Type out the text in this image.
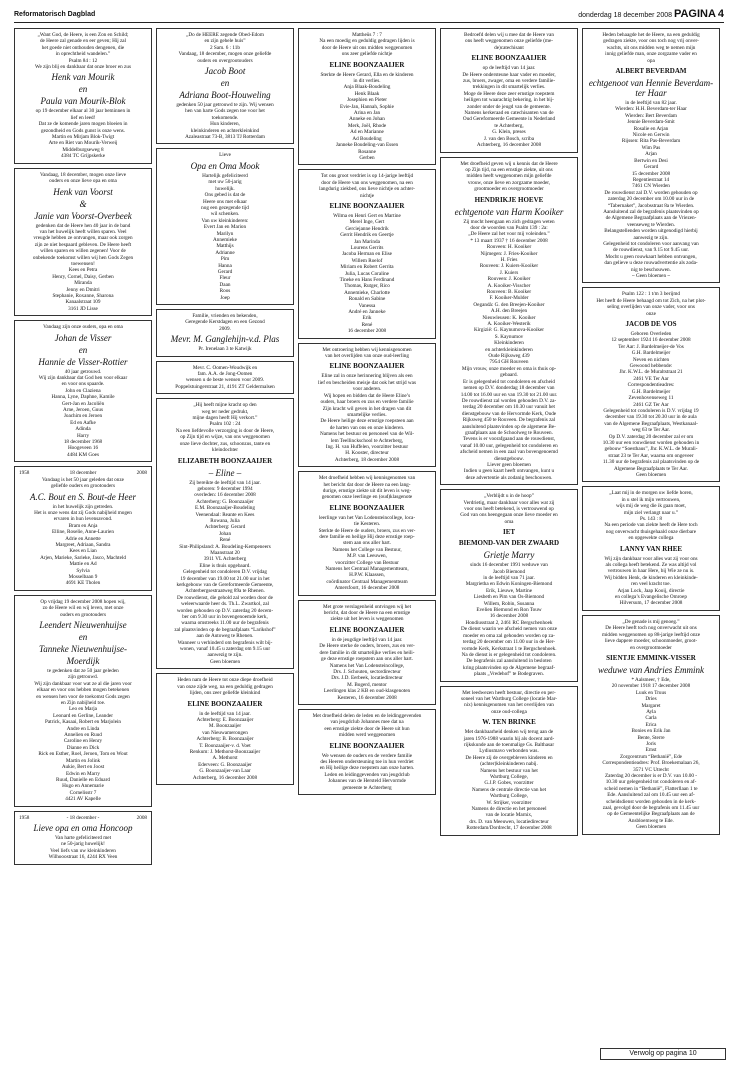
Reformatorisch Dagblad	donderdag 18 december 2008 PAGINA 4
„Want God, de Heere, is een Zon en Schild;
de Heere zal genade en eer geven; Hij zal
het goede niet onthouden dengenen, die
in oprechtheid wandelen.”
Psalm 84 : 12
We zijn blij en dankbaar dat onze broer en zus
Henk van Mourik
en
Paula van Mourik-Blok
op 19 december elkaar al 30 jaar beminnen in
lief en leed!
Dat ze de komende jaren mogen bloeien in
gezondheid en Gods gunst is onze wens.
Martin en Mirjam Blok-Twigt
Arte en Riet van Mourik-Verweij
Middelburgseweg 8
4384 TC Grijpskerke
Vandaag, 18 december, mogen onze lieve
ouders en onze lieve opa en oma
Henk van Voorst
&
Janie van Voorst-Overbeek
gedenken dat de Heere hen 40 jaar in de band
van het huwelijk heeft willen sparen. Veel
vreugde hebben ze ontvangen, maar ook zorgen
zijn ze niet bespaard gebleven. De Heere heeft
willen sparen en willen zegenen! Voor de
onbekende toekomst willen wij hen Gods Zegen
toewensen!
Kees en Petra
Henry, Cornel, Daisy, Gerben
Miranda
Jenny en Dmitri
Stephanie, Roxanne, Sharona
Kanaalstraat 109
3161 JD Lisse
Vandaag zijn onze ouders, opa en oma
Johan de Visser
en
Hannie de Visser-Rottier
40 jaar getrouwd.
Wij zijn dankbaar dat God hen voor elkaar
en voor ons spaarde.
John en Claziena
Hanna, Lyne, Daphne, Kamile
Gert-Jan en Jacoliën
Arne, Jeroen, Guus
Joachim en Jeroen
Ed en Aafke
Adinda
Harry
18 december 1968
Hoogeveen 16
4484 KM Goes
1958	2008
18 december
Vandaag is het 50 jaar geleden dat onze
geliefde ouders en grootouders
A.C. Bout en S. Bout-de Heer
in het huwelijk zijn getreden.
Het is onze wens dat zij Gods nabijheid mogen
ervaren in hun levensavond.
Bram en Anja
Elline, Roselie, Anne-Laurien
Adrie en Annette
Margreet, Adriaan, Sandra
Kees en Lian
Arjen, Marieke, Sarieke, Jasco, Machteld
Mattie en Ad
Sylvia
Mosselbaan 9
4691 KE Tholen
Op vrijdag 19 december 2008 hopen wij,
zo de Heere wil en wij leven, met onze
ouders en grootouders
Leendert Nieuwenhuijse
en
Tanneke Nieuwenhuijse-
Moerdijk
te gedenken dat ze 50 jaar geleden
zijn getrouwd.
Wij zijn dankbaar voor wat ze al die jaren voor
elkaar en voor ons hebben mogen betekenen
en wensen hen voor de toekomst Gods zegen
en Zijn nabijheid toe.
Leo en Marja
Leonard en Gerline, Leander
Patrick, Kasaai, Robert en Marjolein
Andre en Linda
Annelien en Ruud
Caroline en Henry
Dianne en Dick
Rick en Esther, Roel, Jeroen, Tom en Wout
Martin en Jolink
Aukie, Bert en Joost
Edwin en Marry
Ruud, Danielle en Eduard
Hugo en Annemarie
Cornelisstr 7
4421 AV Kapelle
1958	2008
- 18 december -
Lieve opa en oma Honcoop
Van harte gefeliciteerd met
ne 50-jarig huwelijk!
Veel liefs van uw kleinkinderen
Wilhooostraat 16, 4244 RX Veen
„Do de HEERE zegende Obed-Edom
en zijn gehele huis”
2 Sam. 6 : 11b
Vandaag, 18 december, mogen onze geliefde
ouders en overgrootouders
Jacob Boot
en
Adriana Boot-Houweling
gedenken 50 jaar getrouwd te zijn. Wij wensen
hen van harte Gods zegen toe voor het
toekomende.
Hun kinderen,
kleinkinderen en achterkleinkind
Azaleastraat 73-B, 3813 TJ Rotterdam
Lieve
Opa en Oma Mook
Hartelijk gefeliciteerd
met uw 50-jarig
huwelijk.
Ons gebed is dat de
Heere ons met elkaar
nog een gezegende tijd
wil schenken.
Van uw kleinkinderen:
Evert Jan en Marion
Marilyn
Annemieke
Matthijs
Adrianne
Pim
Hanna
Gerard
Fleur
Daan
Roos
Joep
Familie, vrienden en bekenden,
Geregende Kerstdagen en een Gezond
2009.
Mevr. M. Ganglehijn-v.d. Plas
Pr. Irenelaan 3 te Katwijk
Mevr. C. Oomen-Woudwijk en
fam. A.A. de Jong-Oomen
wensen u de beste wensen voor 2009.
Poppelstuingerstraat 21, 4191 ZT Geldermalsen
„Hij heeft mijne kracht op den
weg ter neder gedrukt,
mijne dagen heeft Hij verkort.”
Psalm 102 : 24
Na een liefdevolle verzorging is door de Heere,
op Zijn tijd en wijze, van ons weggenomen
onze lieve dochter, zus, schoonzus, tante en
kleindochter
ELIZABETH BOONZAAIJER
– Eline –
Zij bereikte de leeftijd van 14 jaar.
geboren: 9 december 1994
overleden: 16 december 2008
Achterberg: G. Boonzaaijer
E.M. Boonzaaijer-Boudeling
Veenendaal: Reante en Kees
Rowana, Julia
Achterberg: Gerard
Johan
René
Sint-Philipsland: A. Boudeling-Kempeneers
Maanstraat 20
3911 VL Achterberg
Eline is thuis opgebaard.
Gelegenheid tot condoleren D.V. vrijdag
19 december van 19.00 tot 21.00 uur in het
kerkgebouw van de Gereformeerde Gemeente,
Achterbergsestraatweg 89a te Rhenen.
De rouwdienst, die gehold zal worden door de
weleerwaarde heer ds. Th.L. Zwartkol, zal
worden gehouden op D.V. zaterdag 20 decem-
ber om 9.30 uur in bovengenoemde kerk,
waarna omstreeks 11.00 uur de begrafenis
zal plaatsvinden op de begraafplaats “Larikshof”
aan de Autoweg te Rhenen.
Wanneer u verhinderd om begrafenis wilt bij-
wonen, vanaf 10.45 u zaterdag om 9.15 uur
aanwezig te zijn.
Geen bloemen
Heden nam de Heere tot onze diepe droefheid
van onze zijde weg, na een geduldig gedragen
lijden, ons zeer geliefde kleinkind
ELINE BOONZAAIJER
in de leeftijd van 14 jaar.
Achterberg: E. Boonzaaijer
M. Boonzaaijer
van Nieuwamerongen
Achterberg: B. Boonzaaijer
T. Boonzaaijer-v. d. Voet
Renkum: J. Methorst-Boonzaaijer
A. Methorst
Ederveen: G. Boonzaaijer
G. Boonzaaijer-van Laar
Achterberg, 16 december 2008
Mattheüs 7 : 7
Na een moedig en geduldig gedragen lijden is
door de Heere uit ons midden weggenomen
ons zeer geliefde nichtje
ELINE BOONZAAIJER
Sterkte de Heere Gerard, Ella en de kinderen
in dit verlies.
Anja Blaak-Boudeling
Henk Blaak
Josephien en Pieter
Evie-Jan, Hannah, Sophie
Arina en Jan
Anneke en Johan
Merk, Joël, Rhode
Ad en Marianne
Ad Boudeling
Janneke Boudeling-van Essen
Rosanne
Gerben
Tot ons groot verdriet is op 14-jarige leeftijd
door de Heere van ons weggenomen, na een
langdurig ziekbed, ons lieve nichtje en achter-
nichtje
ELINE BOONZAAIJER
Wilma en Henri Gert en Martine
Merel Inge, Gert
Gerciejanne Hendrik
Gerrit Hendrik en Geertje
Jan Marinda
Lourens Gerrits
Jacoba Herman en Elise
Willem Roelof
Miriam en Robert Gerrita
Julia, Lucas Coraline
Tineke en Hans Ferdinand
Thomas, Rutger, Rico
Annemieke, Charlotte
Ronald en Sabine
Vanessa
André en Janneke
Erik
René
16 december 2008
Met ontroering hebben wij kennisgenomen
van het overlijden van onze oud-leerling
ELINE BOONZAAIJER
Eline zal in onze herinnering blijven als een
lief en bescheiden meisje dat ook het strijd was
voor anderen.
Wij hopen en bidden dat de Heere Eline’s
ouders, haar broers en zus en verdere familie
Zijn kracht wil geven in het dragen van dit
smartelijke verlies.
De Heere heilige deze ernstige roepsteen aan
de harten van ons en onze kinderen.
Namens het bestuur en personeel van de Wil-
lem Teellinckschool te Achterberg,
Ing. H. van Huffelen, voorzitter bestuur
H. Kooster, directeur
Achterberg, 18 december 2008
Met droefheid hebben wij kennisgenomen van
het bericht dat door de Heere na een lang-
durige, ernstige ziekte uit dit leven is weg-
genomen onze leerlinge en (oud)klasgenote
ELINE BOONZAAIJER
leerlinge van het Van Lodensteincollege, loca-
tie Kesteren.
Sterkte de Heere de ouders, broers, zus en ver-
dere familie en heilige Hij deze ernstige roep-
stem aan ons aller hart.
Namens het College van Bestuur,
M.P. van Leeuwen,
voorzitter College van Bestuur
Namens het Centraal Managementteam,
H.P.W. Klaassen,
coördinator Centraal Managementteam
Amersfoort, 16 december 2008
Met grote verslagenheid ontvingen wij het
bericht, dat door de Heere na een ernstige
ziekte uit het leven is weggenomen
ELINE BOONZAAIJER
in de jeugdige leeftijd van 14 jaar.
De Heere sterke de ouders, broers, zus en ver-
dere familie in dit smartelijke verlies en heili-
ge deze ernstige roepstem aan ons aller hart.
Namens het Van Lodensteincollege,
Drs. J. Schouten, sectordirecteur
Drs. J.D. Eerbeek, locatiedirecteur
M. Bogerd, mentor
Leerlingen klas 2 KB en oud-klasgenoten
Kesteren, 16 december 2008
Met droefheid delen de leden en de leidinggevenden
van jeugdclub Johannes mee dat na
een ernstige ziekte door de Heere uit hun
midden werd weggenomen
ELINE BOONZAAIJER
We wensen de ouders en de verdere familie
des Heeren ondersteuning toe in hun verdriet
en Hij heilige deze roepstem aan onze harten.
Leden en leidinggevenden van jeugdclub
Johannes van de Hersteld Hervormde
gemeente te Achterberg
Bedroefd delen wij u mee dat de Heere van
ons heeft weggenomen onze geliefde (me-
de)catechisant
ELINE BOONZAAIJER
op de leeftijd van 14 jaar.
De Heere ondersteune haar vader en moeder,
zus, broers, zwager, oma en verdere familie-
trekkingen in dit smartelijk verlies.
Moge de Heere deze zeer ernstige roepstem
heiligen tot waarachtig bekering, in het bij-
zonder onder de jeugd van de gemeente.
Namens kerkeraad en catechisanten van de
Oud Gereformeerde Gemeente in Nederland
te Achterberg,
G. Klein, preses
J. van den Bosch, scriba
Achterberg, 16 december 2008
Met droefheid geven wij u kennis dat de Heere
op Zijn tijd, na een ernstige ziekte, uit ons
midden heeft weggenomen mijn geliefde
vrouw, onze lieve en zorgzame moeder,
grootmoeder en overgrootmoeder
HENDRIKJE HOEVE
echtgenote van Harm Kooiker
Zij mocht heengaan en zich gedragen weten
door de woorden van Psalm 139 : 2a:
„De Heere zal het voor mij voleinden.”
* 13 maart 1937 † 16 december 2008
Rouveen: H. Kooiker
Nijmegen: J. Fries-Kooiker
H. Fries
Rouveen: J. Kuiers-Kooiker
J. Kuiers
Rouveen: J. Kooiker
A. Kooiker-Visscher
Rouveen: B. Kooiker
F. Kooiker-Mulder
Oegandà: G. den Breejen-Kooiker
A.H. den Breejen
Nieuwleusen: K. Kooiker
A. Kooiker-Westerik
Kirgizië: G. Kaynumova-Kooiker
S. Kaynumov
Kleinkinderen
en achterkleinkinderen
Oude Rijksweg 439
7954 GH Rouveen
Mijn vrouw, onze moeder en oma is thuis op-
gebaard.
Er is gelegenheid tot condoleren en afscheid
nemen op D.V. donderdag 18 december van
14.00 tot 16.00 uur en van 19.30 tot 21.00 uur.
De rouwdienst zal worden gehouden D.V. za-
terdag 20 december om 10.30 uur vanuit het
dienstgebouw van de Hervormde Kerk, Oude
Rijksweg 450 te Rouveen. De begrafenis zal
aansluitend plaatsvinden op de algemene Be-
graafplaats aan de Schoolweg te Rouveen.
Tevens is er voorafgaand aan de rouwdienst,
vanaf 10.00 uur, gelegenheid tot condoleren en
afscheid nemen in een zaal van bovengenoemd
dienstgebouw.
Liever geen bloemen
Indien u geen kaart heeft ontvangen, kunt u
deze advertentie als zodanig beschouwen.
„Verblijdt u in de hoop”
Verdrietig, maar dankbaar voor alles wat zij
voor ons heeft betekend, is vertrouwend op
God van ons heengegaan onze lieve moeder en
oma
IET
BIEMOND-VAN DER ZWAARD
Grietje Marry
sinds 16 december 1991 weduwe van
Jacob Biemond
in de leeftijd van 71 jaar.
Margrietha en Edwin Koningen-Biemond
Erik, Lieuwe, Martine
Liesbeth en Pim van Os-Biemond
Willem, Robin, Susanna
Evelien Biemond en Ron Touw
16 december 2008
Hondiusstraat 2, 2461 RC Bergschenhoek
De dienst waarin we afscheid nemen van onze
moeder en oma zal gehouden worden op za-
terdag 20 december om 11.00 uur in de Her-
vormde Kerk, Kerkstraat 1 te Bergschenhoek.
Na de dienst is er gelegenheid tot condoleren.
De begrafenis zal aansluitend in besloten
kring plaatsvinden op de Algemene begraaf-
plaats „Vredehof” te Bodegraven.
Met leedwezen heeft bestuur, directie en per-
soneel van het Wartburg College (locatie Mar-
nix) kennisgenomen van het overlijden van
onze oud-collega
W. TEN BRINKE
Met dankbaarheid denken wij terug aan de
jaren 1976-1988 waarin hij als docent aard-
rijkskunde aan de toenmalige Gs. Balthasar
Lydiusmavo verbonden was.
De Heere zij de overgebleven kinderen en
(achter)kleinkinderen nabij.
Namens het bestuur van het
Wartburg College,
G.J.P. Gobes, voorzitter
Namens de centrale directie van het
Wartburg College,
W. Strijker, voorzitter
Namens de directie en het personeel
van de locatie Marnix,
drs. D. van Meeuwen, locatiedirecteur
Rotterdam/Dordrecht, 17 december 2008
Heden behaagde het de Heere, na een geduldig
gedragen ziekte, voor ons toch nog vrij onver-
wachts, uit ons midden weg te nemen mijn
innig geliefde man, onze zorgzame vader en
opa
ALBERT BEVERDAM
echtgenoot van Hennie Beverdam-ter Haar
in de leeftijd van 82 jaar.
Wierden: H.H. Beverdam-ter Haar
Wierden: Bert Beverdam
Jennie Beverdam-Smit
Rosalie en Arjan
Nicole en Gerwin
Rijssen: Rita Pas-Beverdam
Wim Pas
Arjan
Bertwin en Desi
Gerard
15 december 2008
Regentiestraat 14
7461 CN Wierden
De rouwdienst zal D.V. worden gehouden op
zaterdag 20 december om 10.00 uur in de
“Tabernaket”, Jacobsstraat 8a te Wierden.
Aansluitend zal de begrafenis plaatsvinden op
de Algemene Begraafplaats aan de Vriezen-
veenseweg te Wierden.
Belangstellenden worden uitgenodigd hierbij
aanwezig te zijn.
Gelegenheid tot condoleren voor aanvang van
de rouwdienst, van 9.15 tot 9.45 uur.
Mocht u geen rouwkaart hebben ontvangen,
dan gelieve u deze rouwadvertentie als zoda-
nig te beschouwen.
~ Geen bloemen ~
Psalm 122 : 1 t/m 3 berijmd
Het heeft de Heere behaagd om tot Zich, na het plot-
seling overlijden van onze vader, voor ons
onze
JACOB DE VOS
Geboren Overleden
12 september 1924 16 december 2008
Ter Aar: J. Bardelmeijer-de Vos
G.H. Bardelmeijer
Neven en nichten
Gewoond hebbende:
Jhr. K.W.L. de Muraltstraat 21
2461 VE Ter Aar
Correspondentieadres:
G.H. Bardelmeijer
Zevenhovenseweg 11
2461 GZ Ter Aar
Gelegenheid tot condoleren is D.V. vrijdag 19
december van 19.30 tot 20.30 uur in de aula
van de Algemene Begraafplaats, Westkanaal-
weg 63 te Ter Aar.
Op D.V. zaterdag 20 december zal er om
10.30 uur een rouwdienst worden gehouden in
gebouw “Soesthaus”, Jhr. K.W.L. de Murali-
straat 23 te Ter Aar, waarna om ongeveer
11.30 uur de begrafenis zal plaatsvinden op de
Algemene Begraafplaats te Ter Aar.
Geen bloemen
„Laat mij in de morgen uw liefde horen,
in u stel ik mijn vertrouwen,
wijs mij de weg die ik gaan moet,
mijn ziel verlangt naar u.”
Ps. 143 : 8
Na een periode van ziekte heeft de Here toch
nog onverwacht thuisgehaald onze dierbare
en opgewekte collega
LANNY VAN RHEE
Wij zijn dankbaar voor alles wat zij voor ons
als collega heeft betekend. Ze was altijd vol
vertrouwen in haar Here, bij Wie ze nu is.
Wij bidden Henk, de kinderen en kleinkinde-
ren veel kracht toe.
Arjan Lock, Jaap Kooij, directie
en collega’s Evangelische Omroep
Hilversum, 17 december 2008
„De genade is mij genoeg.”
De Heere heeft toch nog onverwacht uit ons
midden weggenomen op 88-jarige leeftijd onze
lieve dappere moeder, schoonmoeder, groot-
en overgrootmoeder
SIENTJE EMMINK-VISSER
weduwe van Andries Emmink
* Aalsmeer, † Ede,
20 november 1918 17 december 2008
Luuk en Truus
Dries
Margaret
Ayla
Carla
Erica
Bonies en Erik Jan
Bente, Sterre
Joris
Ernst
Zorgcentrum “Bethanië”, Ede
Correspondentieadres: Prof. Broekemalaan 26,
3571 VC Utrecht
Zaterdag 20 december is er D.V. van 10.00 -
10.30 uur gelegenheid tot condoleren en af-
scheid nemen in “Bethanië”, Flatterllaan 1 te
Ede. Aansluitend zal om 10.45 uur een af-
scheidsdienst worden gehouden in de kerk-
zaal, gevolgd door de begrafenis om 11.45 uur
op de Gemeentelijke Begraafplaats aan de
Ansbloemweg te Ede.
Geen bloemen
Verwolg op pagina 10
